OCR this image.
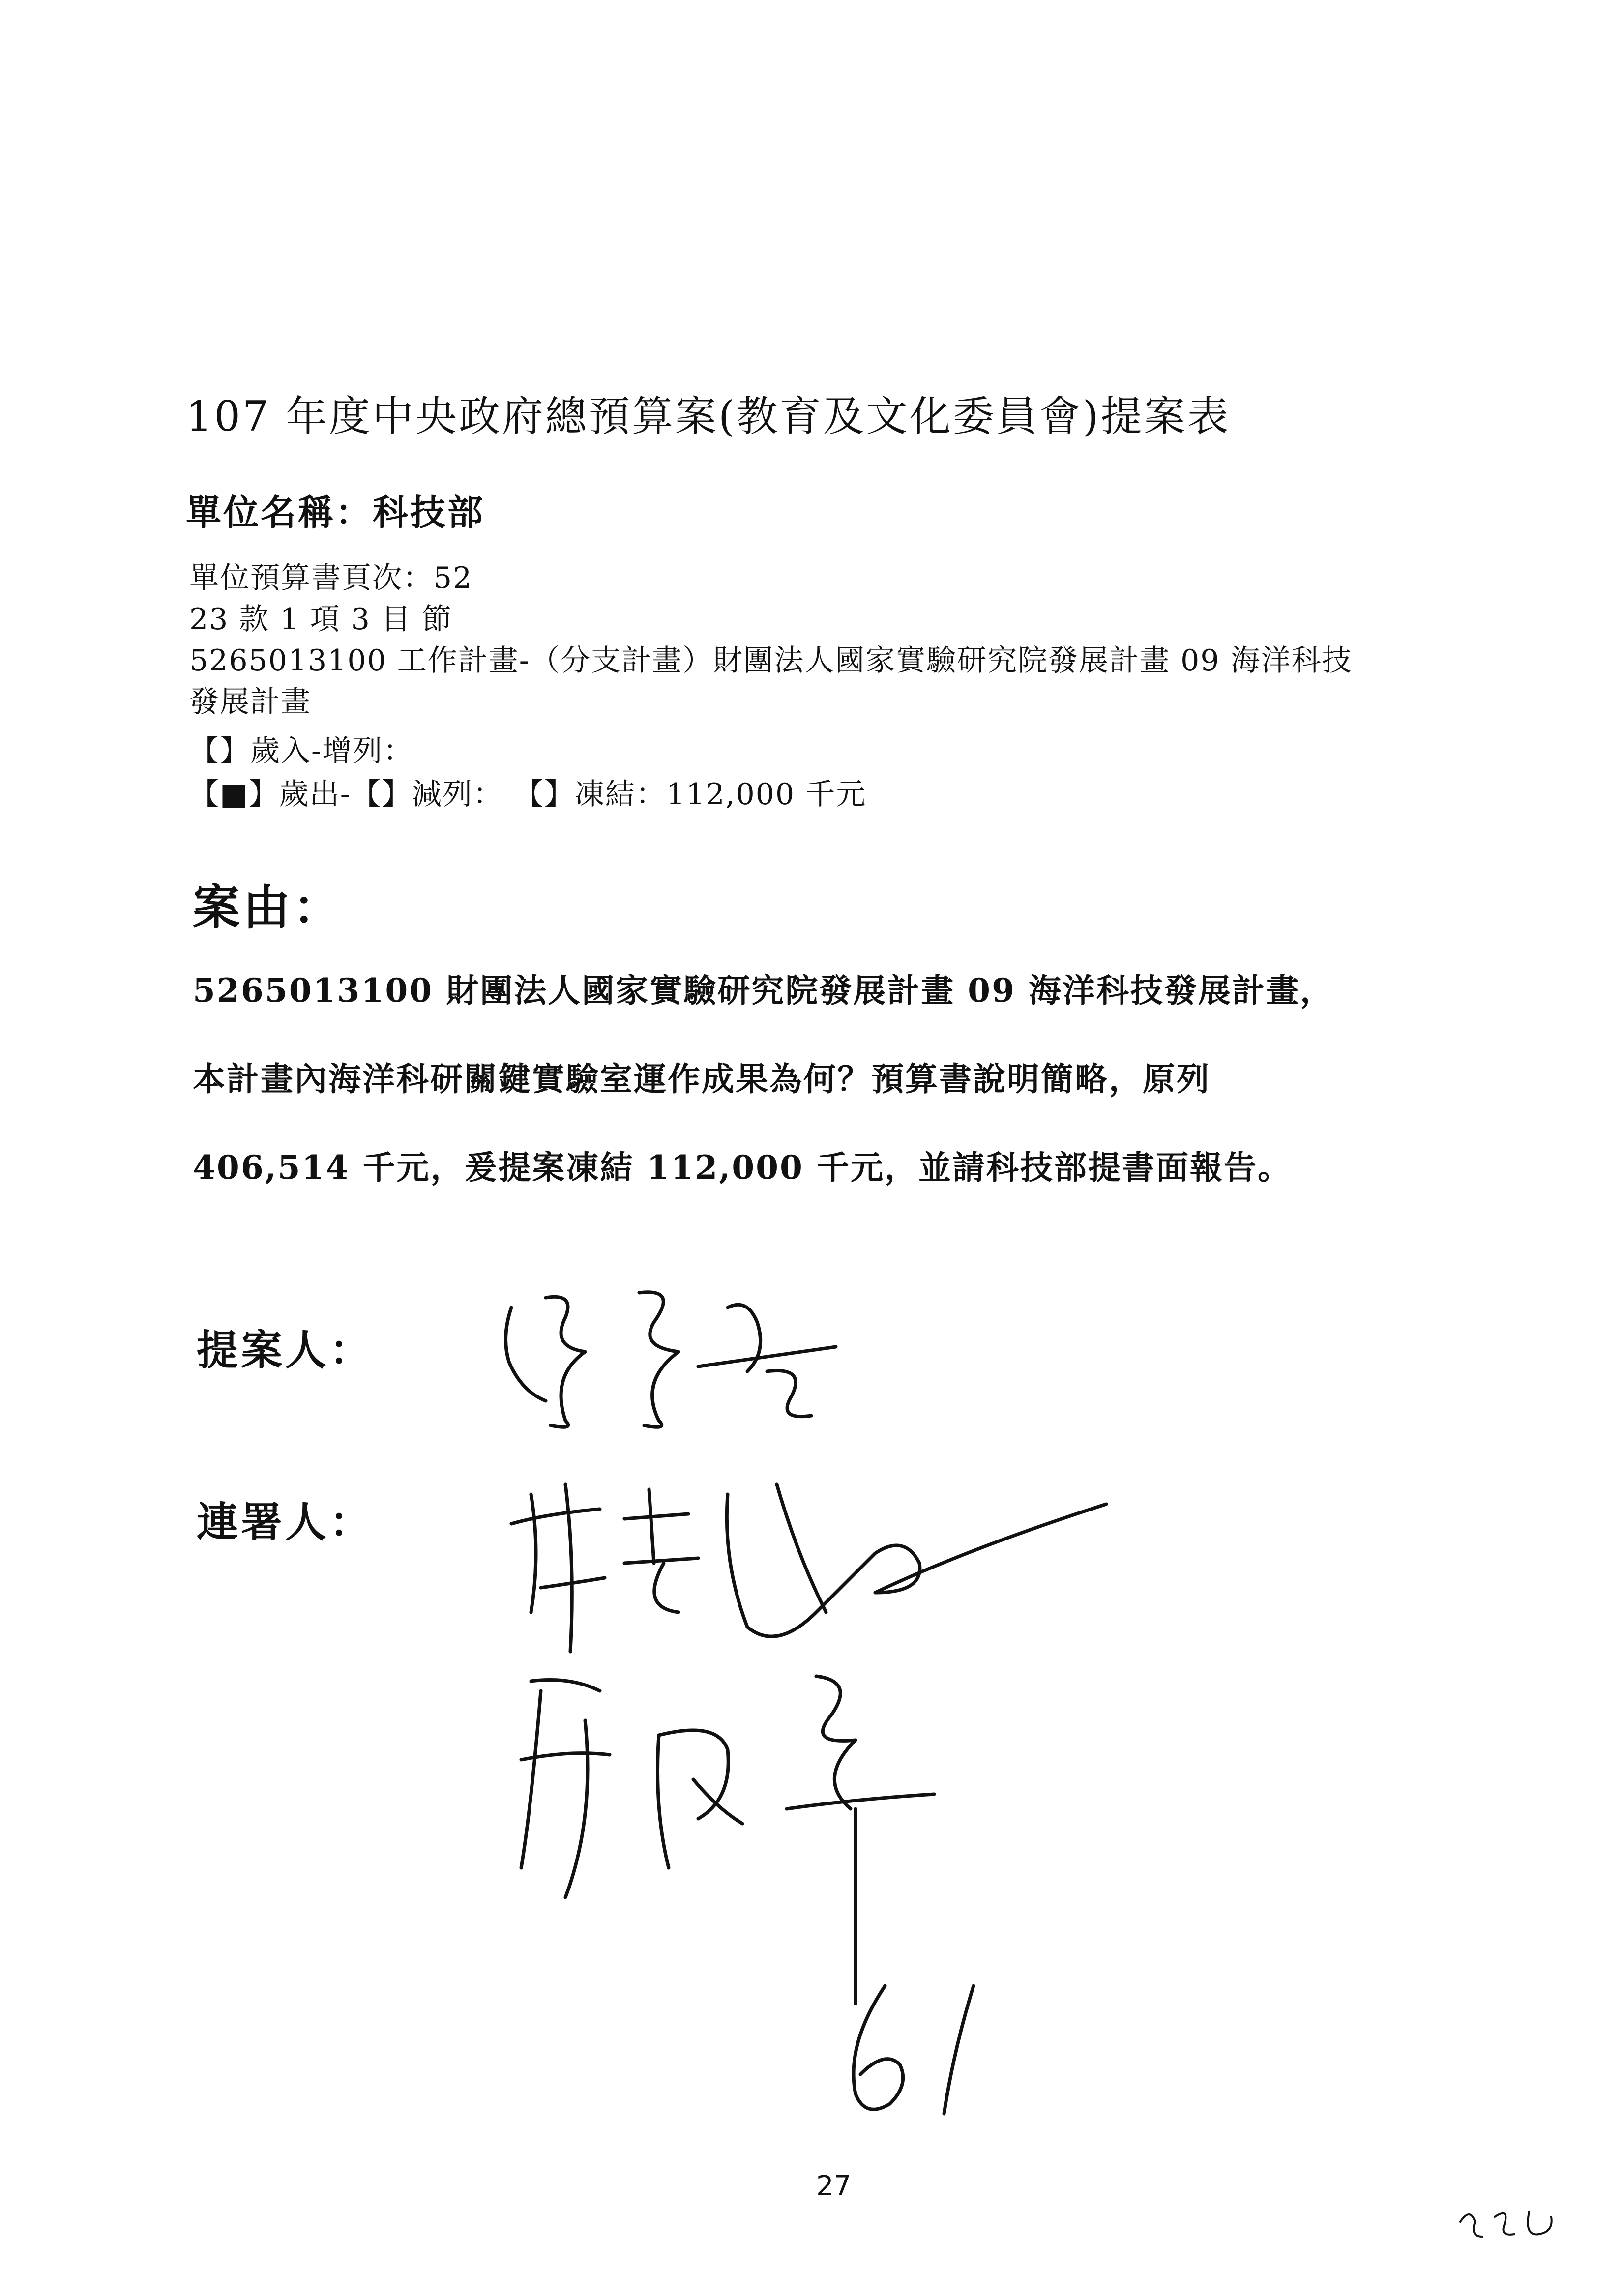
107 年度中央政府總預算案(教育及文化委員會)提案表
單位名稱：科技部
單位預算書頁次：52
23 款 1 項 3 目 節
5265013100 工作計畫-（分支計畫）財團法人國家實驗研究院發展計畫 09 海洋科技
發展計畫
【】歲入-增列：
【■】歲出-【】減列： 【】凍結：112,000 千元
案由：
5265013100 財團法人國家實驗研究院發展計畫 09 海洋科技發展計畫，
本計畫內海洋科研關鍵實驗室運作成果為何？預算書說明簡略，原列
406,514 千元，爰提案凍結 112,000 千元，並請科技部提書面報告。
提案人：
連署人：
27
